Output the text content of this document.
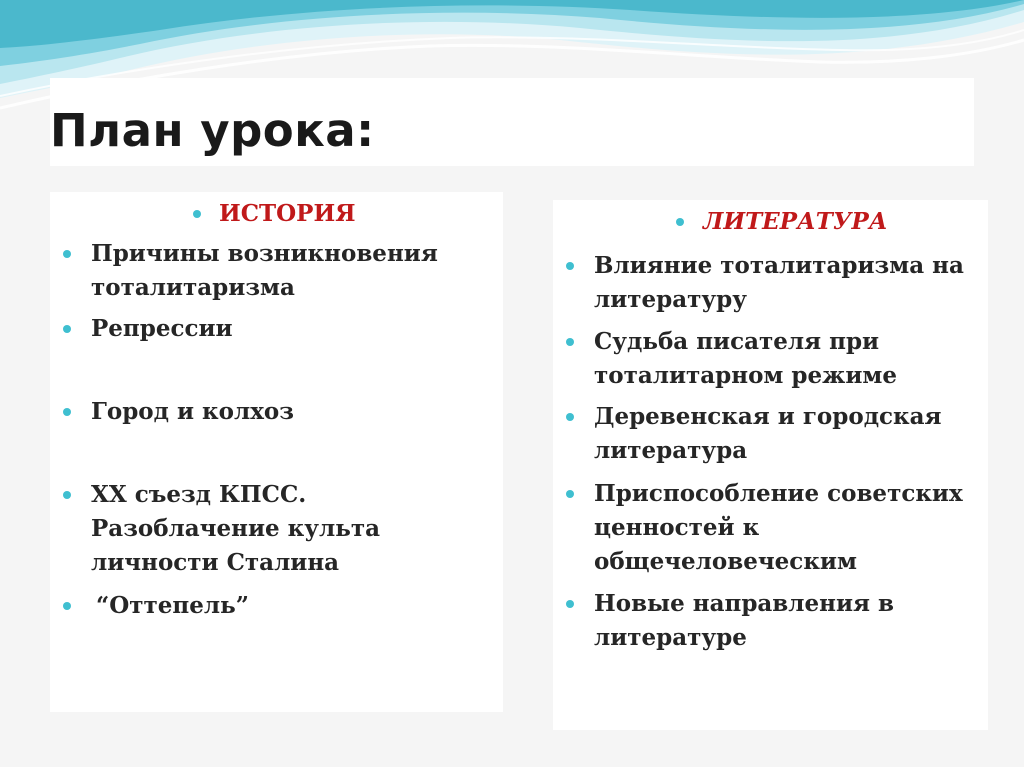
План урока:

ИСТОРИЯ

Причины возникновения тоталитаризма

Репрессии

Город и колхоз

XX съезд КПСС. Разоблачение культа личности Сталина

“Оттепель”

ЛИТЕРАТУРА

Влияние тоталитаризма на литературу

Судьба писателя при тоталитарном режиме

Деревенская и городская литература

Приспособление советских ценностей к общечеловеческим

Новые направления в литературе
